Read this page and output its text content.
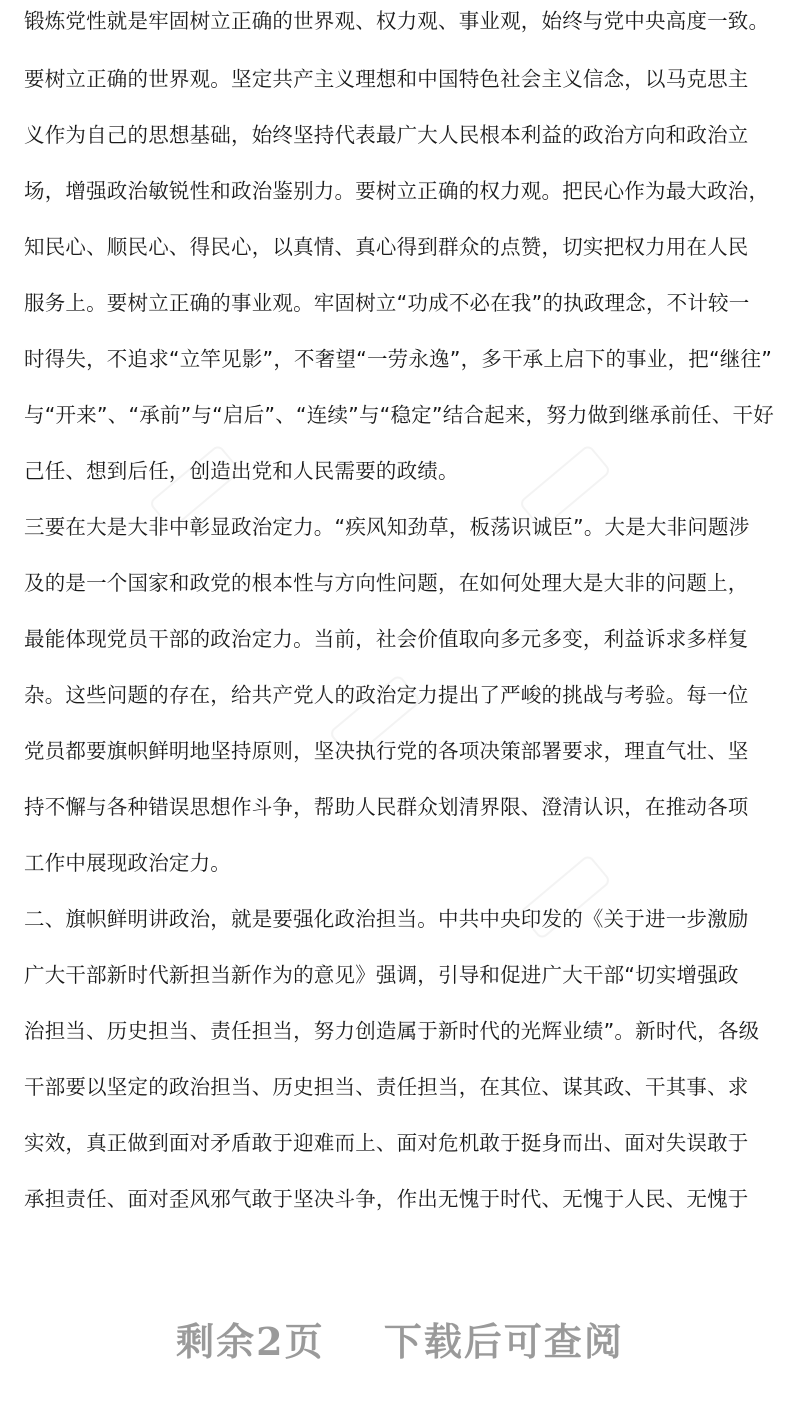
锻炼党性就是牢固树立正确的世界观、权力观、事业观，始终与党中央高度一致。
要树立正确的世界观。坚定共产主义理想和中国特色社会主义信念，以马克思主
义作为自己的思想基础，始终坚持代表最广大人民根本利益的政治方向和政治立
场，增强政治敏锐性和政治鉴别力。要树立正确的权力观。把民心作为最大政治，
知民心、顺民心、得民心，以真情、真心得到群众的点赞，切实把权力用在人民
服务上。要树立正确的事业观。牢固树立“功成不必在我”的执政理念，不计较一
时得失，不追求“立竿见影”，不奢望“一劳永逸”，多干承上启下的事业，把“继往”
与“开来”、“承前”与“启后”、“连续”与“稳定”结合起来，努力做到继承前任、干好
己任、想到后任，创造出党和人民需要的政绩。
三要在大是大非中彰显政治定力。“疾风知劲草，板荡识诚臣”。大是大非问题涉
及的是一个国家和政党的根本性与方向性问题，在如何处理大是大非的问题上，
最能体现党员干部的政治定力。当前，社会价值取向多元多变，利益诉求多样复
杂。这些问题的存在，给共产党人的政治定力提出了严峻的挑战与考验。每一位
党员都要旗帜鲜明地坚持原则，坚决执行党的各项决策部署要求，理直气壮、坚
持不懈与各种错误思想作斗争，帮助人民群众划清界限、澄清认识，在推动各项
工作中展现政治定力。
二、旗帜鲜明讲政治，就是要强化政治担当。中共中央印发的《关于进一步激励
广大干部新时代新担当新作为的意见》强调，引导和促进广大干部“切实增强政
治担当、历史担当、责任担当，努力创造属于新时代的光辉业绩”。新时代，各级
干部要以坚定的政治担当、历史担当、责任担当，在其位、谋其政、干其事、求
实效，真正做到面对矛盾敢于迎难而上、面对危机敢于挺身而出、面对失误敢于
承担责任、面对歪风邪气敢于坚决斗争，作出无愧于时代、无愧于人民、无愧于
剩余2页 下载后可查阅
